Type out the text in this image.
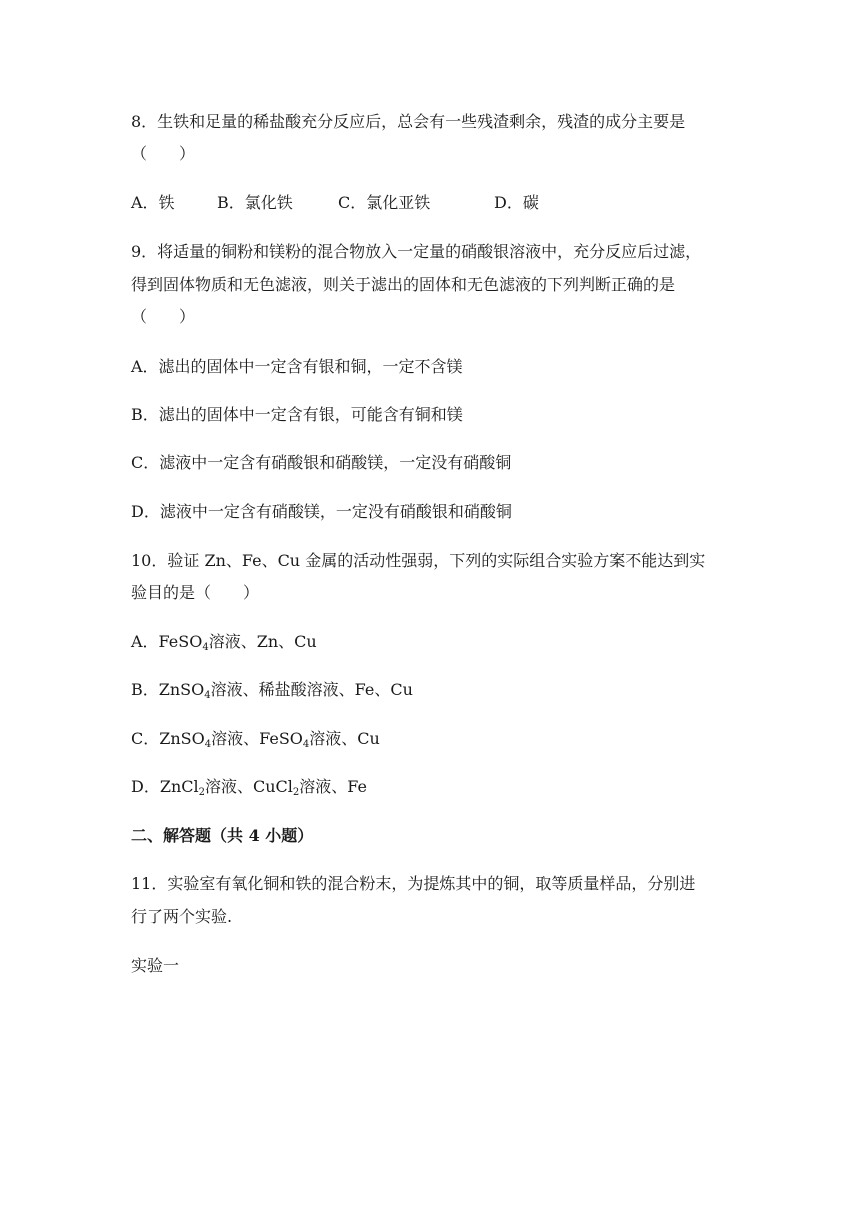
8．生铁和足量的稀盐酸充分反应后，总会有一些残渣剩余，残渣的成分主要是
（　　）
A．铁	B．氯化铁	C．氯化亚铁	D．碳
9．将适量的铜粉和镁粉的混合物放入一定量的硝酸银溶液中，充分反应后过滤，
得到固体物质和无色滤液，则关于滤出的固体和无色滤液的下列判断正确的是
（　　）
A．滤出的固体中一定含有银和铜，一定不含镁
B．滤出的固体中一定含有银，可能含有铜和镁
C．滤液中一定含有硝酸银和硝酸镁，一定没有硝酸铜
D．滤液中一定含有硝酸镁，一定没有硝酸银和硝酸铜
10．验证 Zn、Fe、Cu 金属的活动性强弱，下列的实际组合实验方案不能达到实
验目的是（　　）
A．FeSO$_4$溶液、Zn、Cu
B．ZnSO$_4$溶液、稀盐酸溶液、Fe、Cu
C．ZnSO$_4$溶液、FeSO$_4$溶液、Cu
D．ZnCl$_2$溶液、CuCl$_2$溶液、Fe
二、解答题（共 4 小题）
11．实验室有氧化铜和铁的混合粉末，为提炼其中的铜，取等质量样品，分别进
行了两个实验.
实验一
